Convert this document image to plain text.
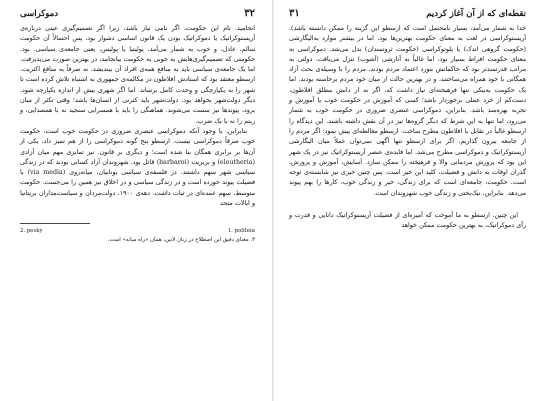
۳۲
دموکراسی

انجامید. نام این حکومت، اگر نامی نیاز باشد، زیرا اگر تصمیم‌گیری عینی درباره‌ی آریستوکراتیک یا دموکراتیک بودن یک قانون اساسی دشوار بود، پس احتمالاً آن حکومت سالم، عادل، و خوب به شمار می‌آمد، پولیتیا یا پولیس، یعنی جامعه‌ی سیاسی. بود. حکومتی که تصمیم‌گیری‌هایش به خوبی به حکومت بیانجامد، در بهترین صورت می‌پذیرفت. اما یک جامعه‌ی سیاسی باید به منافع همه‌ی افراد آن بیندیشد، نه صرفاً به منافع اکثریت. ارسطو معتقد بود که استادش افلاطون در مکالمه‌ی جمهوری به اشتباه تلاش کرده است تا شهر را به یکپارچگی و وحدت کامل برساند. اما اگر شهری بیش از اندازه یکپارچه شود، دیگر دولت‌شهر نخواهد بود. دولت‌شهر باید کثرتی از انسان‌ها باشد؛ وقتی تکثر از میان برود، پیوندها نیز سست می‌شوند. هماهنگی را باید با همسرایی سنجید نه با همصدایی، و ریتم را نه با یک ضرب.

بنابراین، با وجود آنکه دموکراسی عنصری ضروری در حکومت خوب است، حکومت خوب صرفاً دموکراسی نیست. ارسطو پنج گونه دموکراسی را از هم تمیز داد. یکی از آن‌ها بر برابری همگان بنا شده است؛ و دیگری بر قانون. نیز تمایزی مهم میان آزادی (eleutheria) و بربریت (barbaroi) قائل بود. شهروندان آزاد کسانی بودند که در زندگی سیاسی شهر سهم داشتند. در فلسفه‌ی سیاسی یونانیان، میانه‌روی (via media) با فضیلت پیوند خورده است و در زندگی سیاسی و در اخلاق نیز همین را می‌جست. حکومت متوسط، سهم عمده‌ای در ثبات داشت. دهه‌ی ۱۹۰۰، دولت‌مردان و سیاست‌مداران بریتانیا و ایالات متحد

1. politeia
2. pesky
۳. معنای دقیق این اصطلاح در زبان لاتین، همان «راه میانه» است.
نقطه‌ای که از آن آغاز کردیم
۳۱

خدا به شمار می‌آمد، بسیار نامحتمل است که ارسطو این گزینه را ممکن دانسته باشد). آریستوکراسی در لغت به معنای حکومت بهترین‌ها بود، اما در بیشتر موارد به‌الیگارشی (حکومت گروهی اندک) یا پلوتوکراسی (حکومت ثروتمندان) بدل می‌شد. دموکراسی به معنای حکومت افراط بسیار بود، اما غالباً به آنارشی (آشوب) تنزل می‌یافت. دولتی به مراتب قدرتمندتر بود که حاکمانش مورد اعتماد مردم بودند، مردم را با وسیله‌ی بحث آزاد همگانی با خود همراه می‌ساختند، و در بهترین حالت از میان خود مردم برخاسته بودند. اما یک حکومت به‌نیکی تنها فرهیخته‌ای نیاز داشت که، اگر نه از دانش مطلق افلاطون، دست‌کم از خرد عملی برخوردار باشد؛ کسی که آموزش در حکومت خوب یا آموزش و تجربه بهره‌مند باشد. بنابراین، دموکراسی عنصری ضروری در حکومت خوب به شمار می‌رود، اما تنها به این شرط که دیگر گروه‌ها نیز در آن نقش داشته باشند. این دیدگاه را ارسطو غالباً در تقابل با افلاطون مطرح ساخت. ارسطو مغالطه‌ای پیش نمود: اگر مردم را از جامعه بیرون گذاریم، اگر برای ارسطو تنها آگهی نمی‌توان عملاً میان الیگارشی آریستوکراتیک و دموکراسی مطرح می‌شد. اما فایده‌ی عنصر آریستوکراتیک نیز در یک شهر این بود که پرورش مردمانی والا و فرهیخته را ممکن سازد. آسایش، آموزش و پرورش، گذران اوقات به دانش و فضیلت، کلید این خیر است. پس چنین خیری نیز شایسته‌ی توجه است. حکومت، جامعه‌ای است که برای زندگی، خیر و زندگی خوب، کارها را بهم پیوند می‌دهد. بنابراین، نیک‌بختی و زندگی خوب شهروندان است.

این چنین، ارسطو به ما آموخت که آمیزه‌ای از فضیلت آریستوکراتیک دانایی و قدرت و رأی دموکراتیک، به بهترین حکومت ممکن خواهد
